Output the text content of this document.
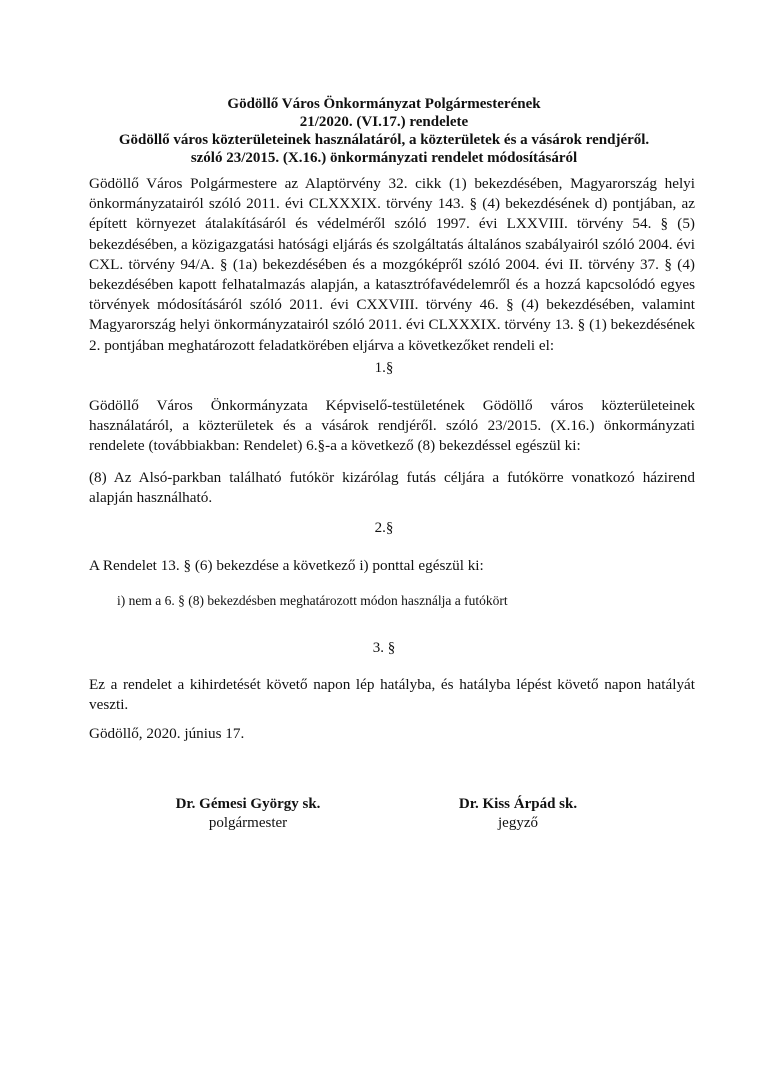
Gödöllő Város Önkormányzat Polgármesterének
21/2020. (VI.17.) rendelete
Gödöllő város közterületeinek használatáról, a közterületek és a vásárok rendjéről.
szóló 23/2015. (X.16.) önkormányzati rendelet módosításáról

Gödöllő Város Polgármestere az Alaptörvény 32. cikk (1) bekezdésében, Magyarország helyi önkormányzatairól szóló 2011. évi CLXXXIX. törvény 143. § (4) bekezdésének d) pontjában, az épített környezet átalakításáról és védelméről szóló 1997. évi LXXVIII. törvény 54. § (5) bekezdésében, a közigazgatási hatósági eljárás és szolgáltatás általános szabályairól szóló 2004. évi CXL. törvény 94/A. § (1a) bekezdésében és a mozgóképről szóló 2004. évi II. törvény 37. § (4) bekezdésében kapott felhatalmazás alapján, a katasztrófavédelemről és a hozzá kapcsolódó egyes törvények módosításáról szóló 2011. évi CXXVIII. törvény 46. § (4) bekezdésében, valamint Magyarország helyi önkormányzatairól szóló 2011. évi CLXXXIX. törvény 13. § (1) bekezdésének 2. pontjában meghatározott feladatkörében eljárva a következőket rendeli el:

1.§

Gödöllő Város Önkormányzata Képviselő-testületének Gödöllő város közterületeinek használatáról, a közterületek és a vásárok rendjéről. szóló 23/2015. (X.16.) önkormányzati rendelete (továbbiakban: Rendelet) 6.§-a a következő (8) bekezdéssel egészül ki:

(8) Az Alsó-parkban található futókör kizárólag futás céljára a futókörre vonatkozó házirend alapján használható.

2.§

A Rendelet 13. § (6) bekezdése a következő i) ponttal egészül ki:

i) nem a 6. § (8) bekezdésben meghatározott módon használja a futókört
3. §

Ez a rendelet a kihirdetését követő napon lép hatályba, és hatályba lépést követő napon hatályát veszti.

Gödöllő, 2020. június 17.

Dr. Gémesi György sk.
polgármester
Dr. Kiss Árpád sk.
jegyző
